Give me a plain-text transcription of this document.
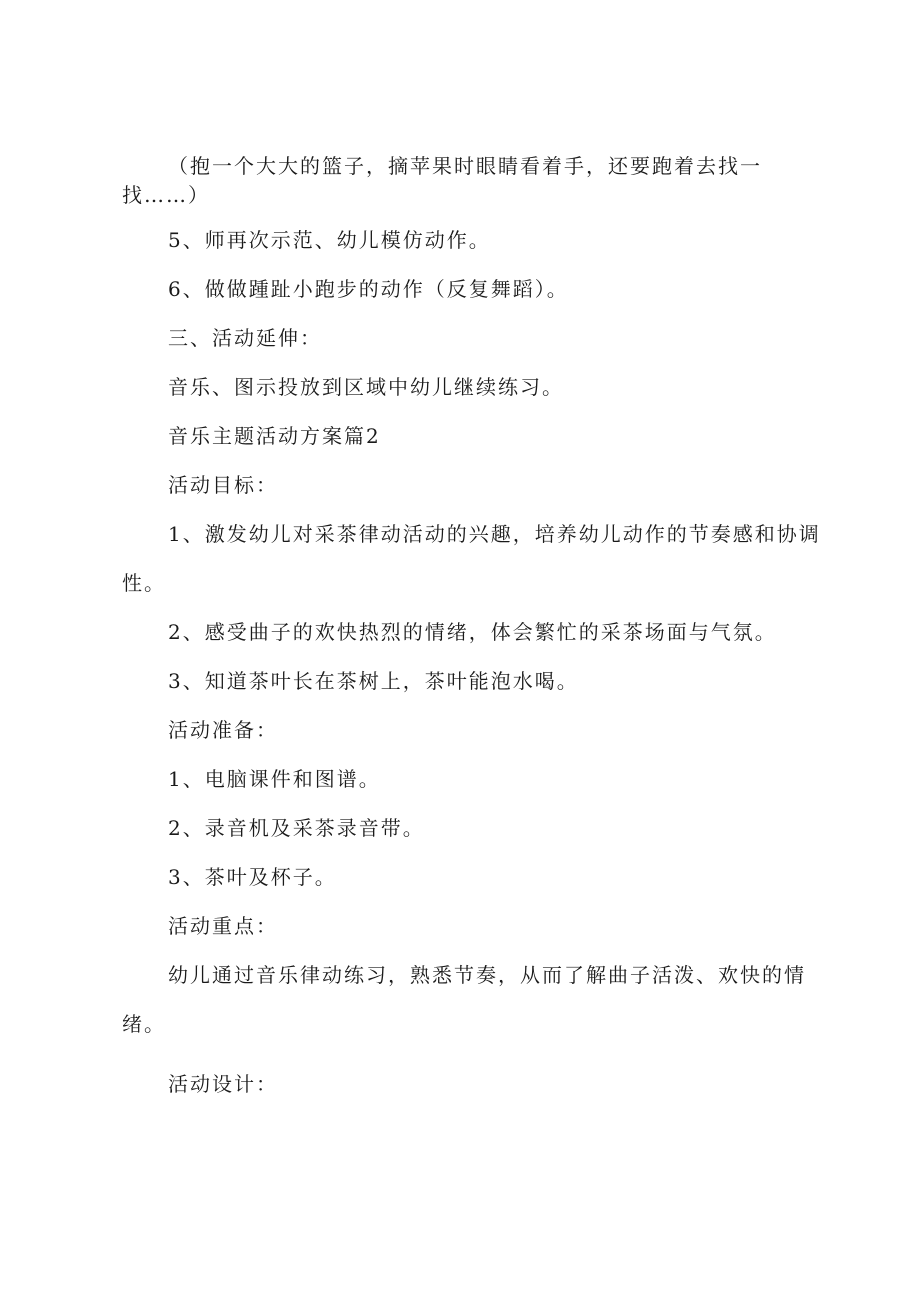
（抱一个大大的篮子，摘苹果时眼睛看着手，还要跑着去找一

找……）

5、师再次示范、幼儿模仿动作。

6、做做踵趾小跑步的动作（反复舞蹈）。

三、活动延伸：

音乐、图示投放到区域中幼儿继续练习。

音乐主题活动方案篇2

活动目标：

1、激发幼儿对采茶律动活动的兴趣，培养幼儿动作的节奏感和协调

性。

2、感受曲子的欢快热烈的情绪，体会繁忙的采茶场面与气氛。

3、知道茶叶长在茶树上，茶叶能泡水喝。

活动准备：

1、电脑课件和图谱。

2、录音机及采茶录音带。

3、茶叶及杯子。

活动重点：

幼儿通过音乐律动练习，熟悉节奏，从而了解曲子活泼、欢快的情

绪。

活动设计：
